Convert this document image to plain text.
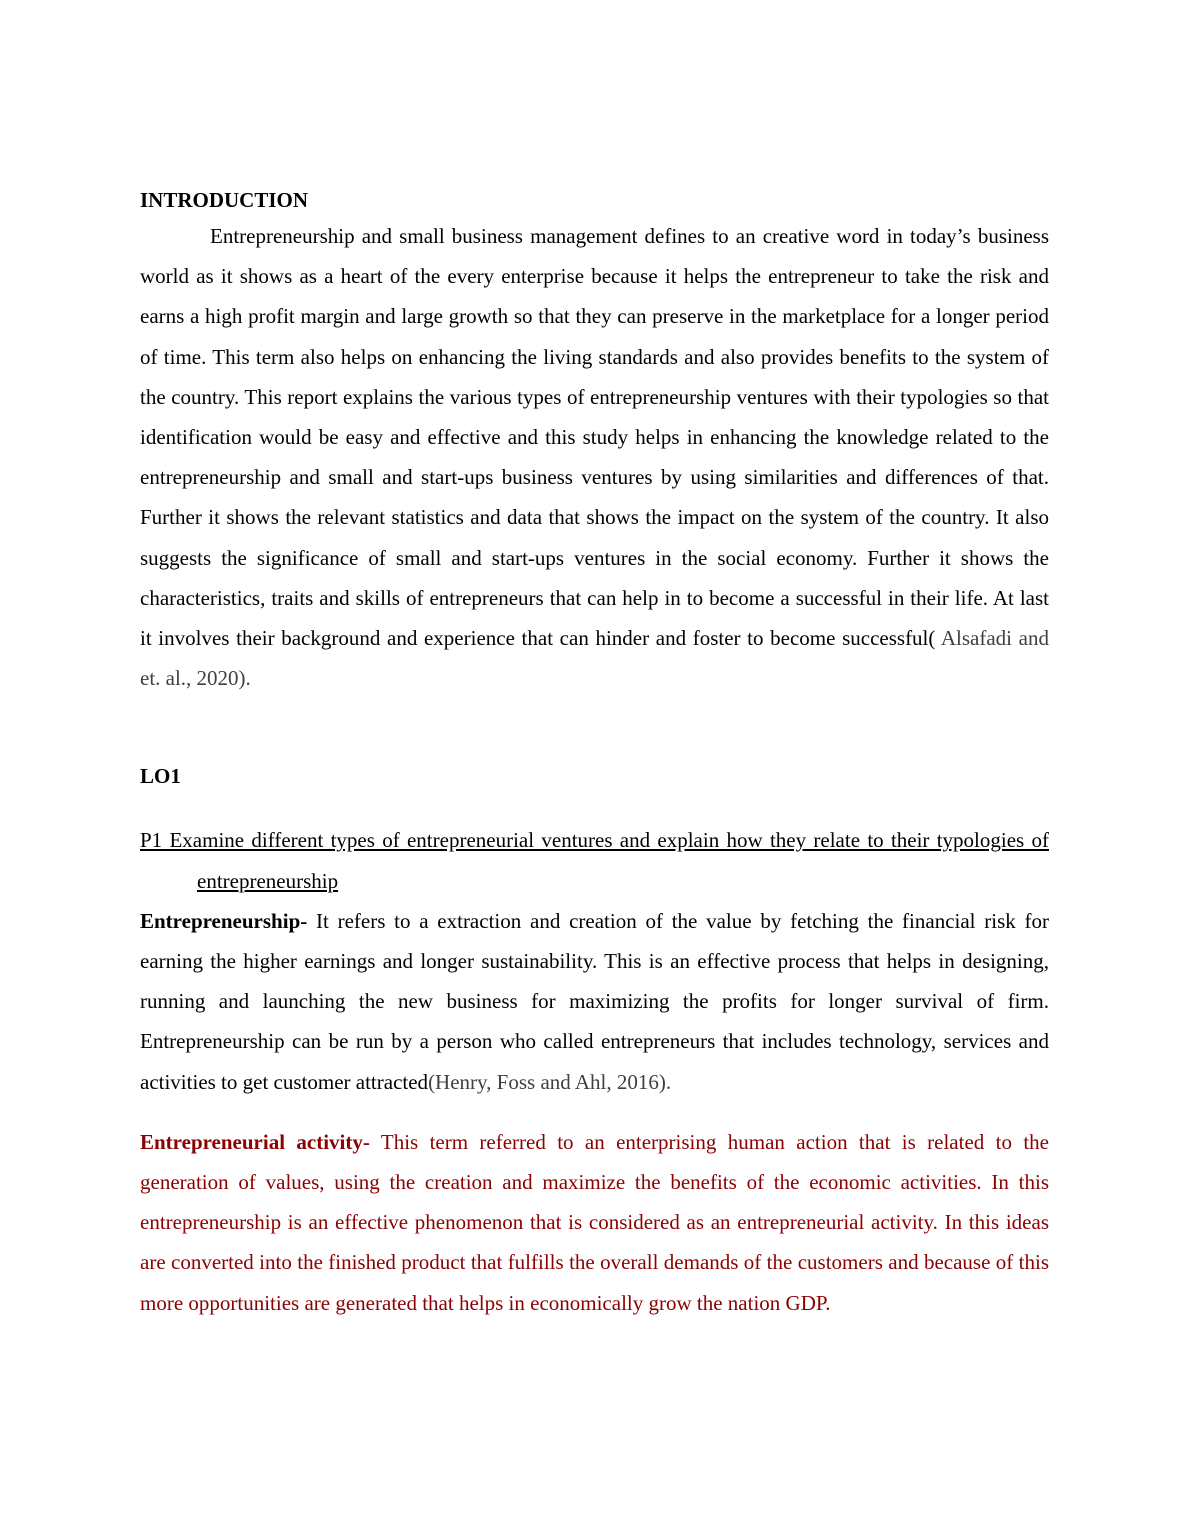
INTRODUCTION

Entrepreneurship and small business management defines to an creative word in today’s business world as it shows as a heart of the every enterprise because it helps the entrepreneur to take the risk and earns a high profit margin and large growth so that they can preserve in the marketplace for a longer period of time. This term also helps on enhancing the living standards and also provides benefits to the system of the country. This report explains the various types of entrepreneurship ventures with their typologies so that identification would be easy and effective and this study helps in enhancing the knowledge related to the entrepreneurship and small and start-ups business ventures by using similarities and differences of that. Further it shows the relevant statistics and data that shows the impact on the system of the country. It also suggests the significance of small and start-ups ventures in the social economy. Further it shows the characteristics, traits and skills of entrepreneurs that can help in to become a successful in their life. At last it involves their background and experience that can hinder and foster to become successful( Alsafadi and et. al., 2020).

LO1

P1 Examine different types of entrepreneurial ventures and explain how they relate to their typologies of entrepreneurship

Entrepreneurship- It refers to a extraction and creation of the value by fetching the financial risk for earning the higher earnings and longer sustainability. This is an effective process that helps in designing, running and launching the new business for maximizing the profits for longer survival of firm. Entrepreneurship can be run by a person who called entrepreneurs that includes technology, services and activities to get customer attracted(Henry, Foss and Ahl, 2016).

Entrepreneurial activity- This term referred to an enterprising human action that is related to the generation of values, using the creation and maximize the benefits of the economic activities. In this entrepreneurship is an effective phenomenon that is considered as an entrepreneurial activity. In this ideas are converted into the finished product that fulfills the overall demands of the customers and because of this more opportunities are generated that helps in economically grow the nation GDP.
